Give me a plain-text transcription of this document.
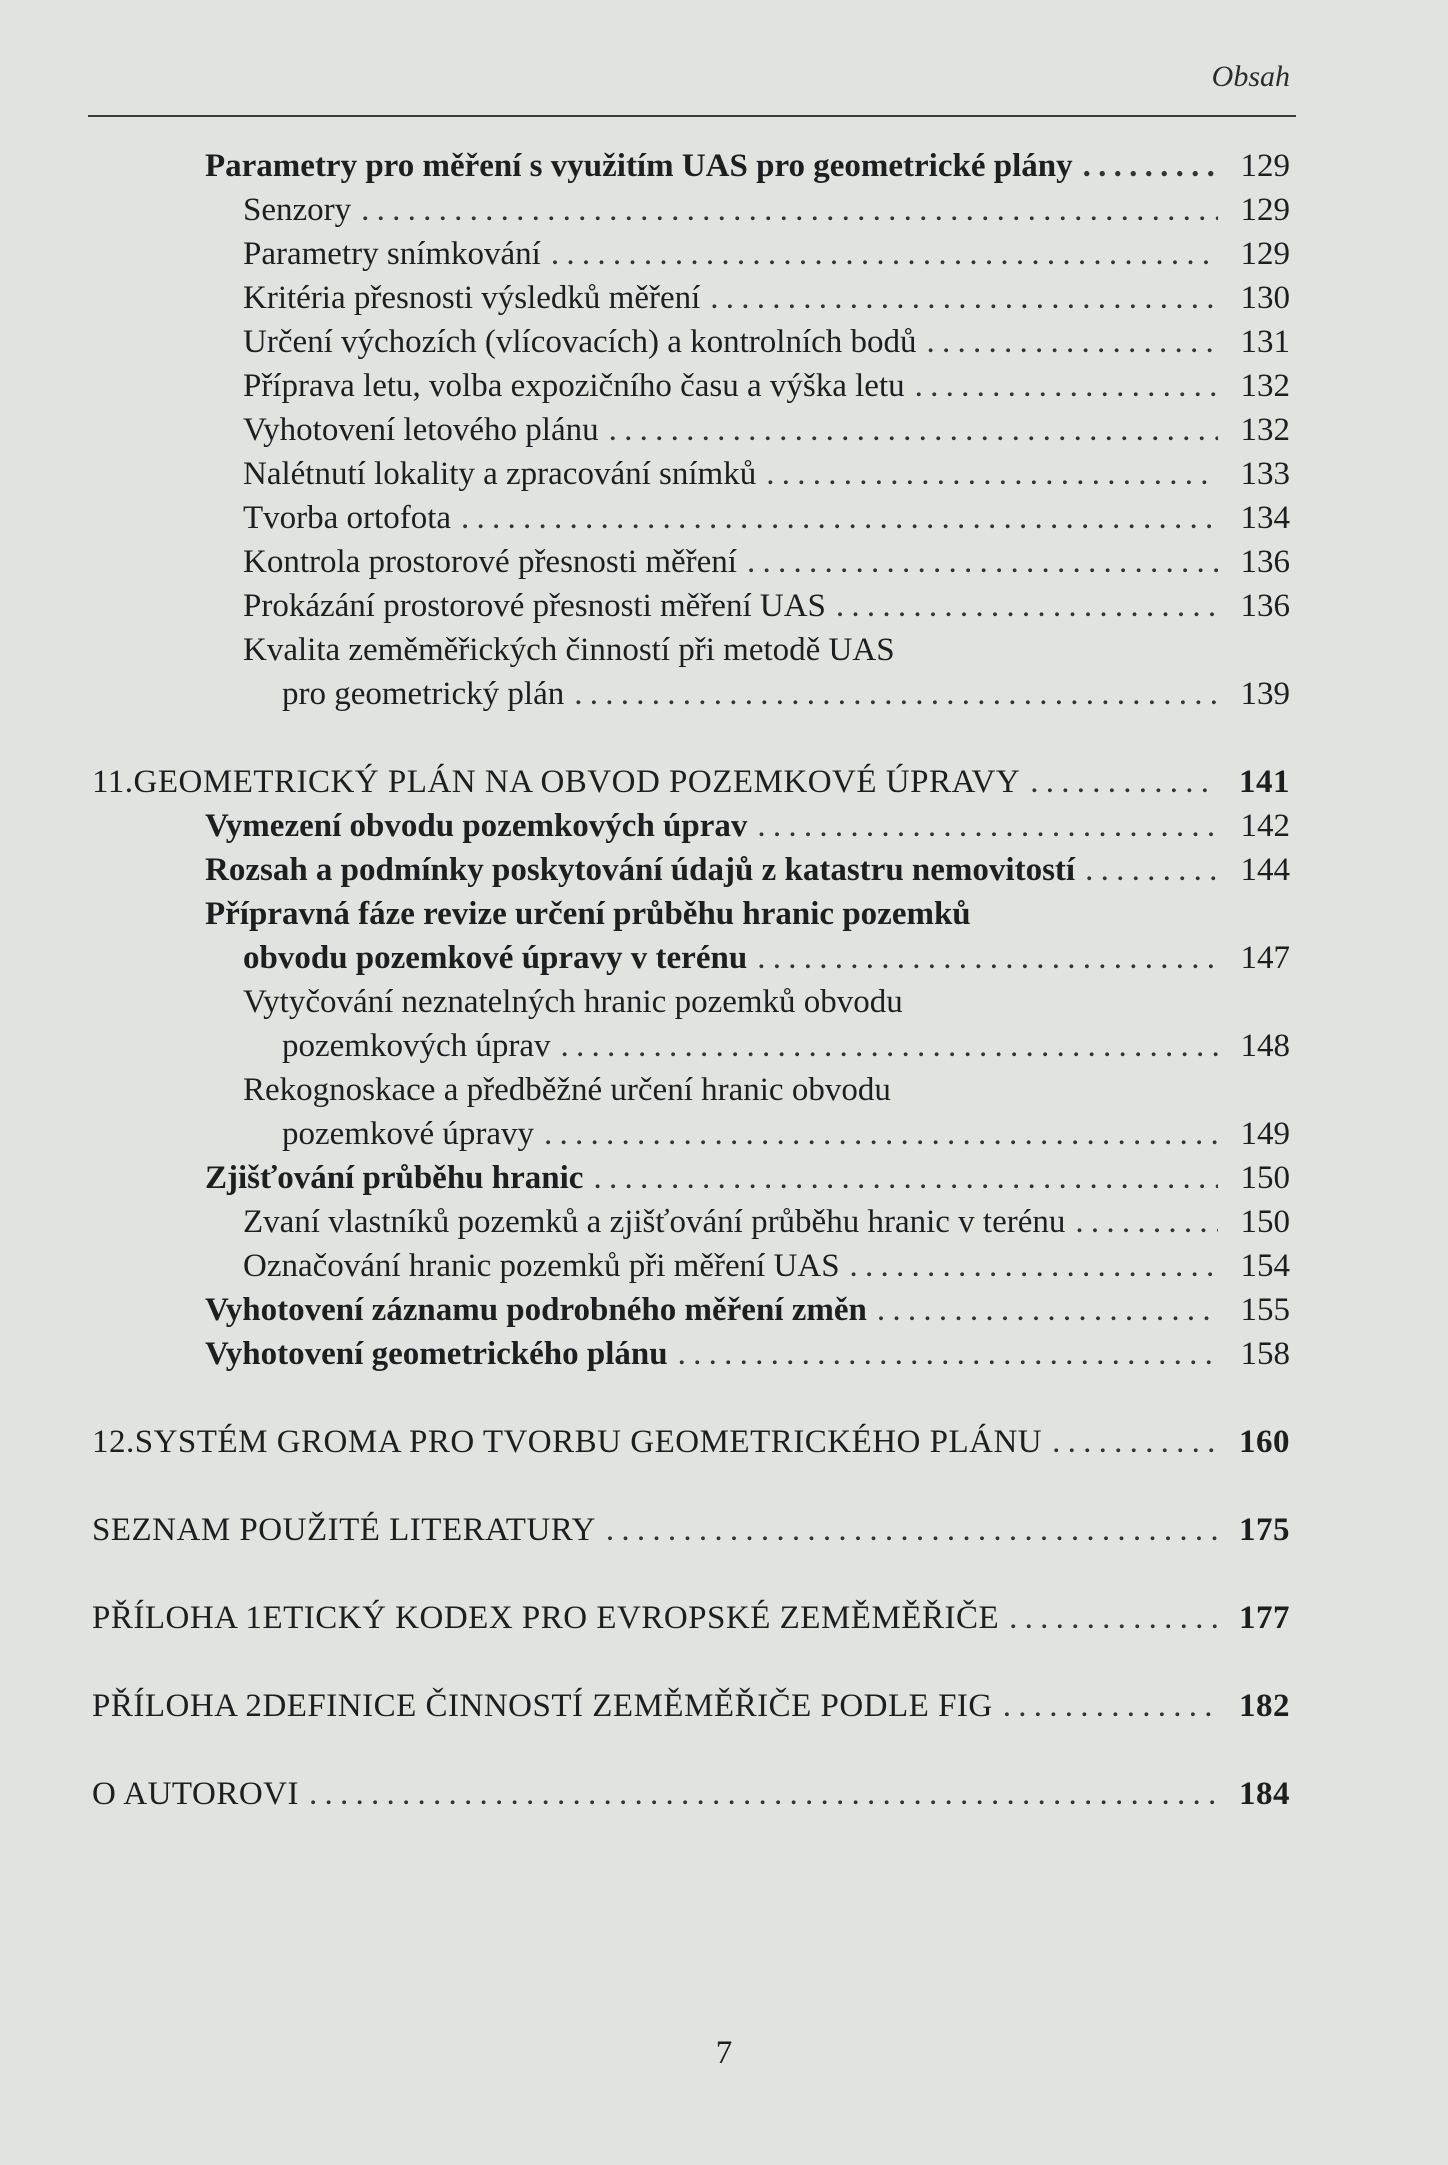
Obsah
Parametry pro měření s využitím UAS pro geometrické plány . . .	129
Senzory . . .	129
Parametry snímkování . . .	129
Kritéria přesnosti výsledků měření . . .	130
Určení výchozích (vlícovacích) a kontrolních bodů . . .	131
Příprava letu, volba expozičního času a výška letu . . .	132
Vyhotovení letového plánu . . .	132
Nalétnutí lokality a zpracování snímků . . .	133
Tvorba ortofota . . .	134
Kontrola prostorové přesnosti měření . . .	136
Prokázání prostorové přesnosti měření UAS . . .	136
Kvalita zeměměřických činností při metodě UAS
pro geometrický plán . . .	139
11. GEOMETRICKÝ PLÁN NA OBVOD POZEMKOVÉ ÚPRAVY . . .	141
Vymezení obvodu pozemkových úprav . . .	142
Rozsah a podmínky poskytování údajů z katastru nemovitostí . . .	144
Přípravná fáze revize určení průběhu hranic pozemků
obvodu pozemkové úpravy v terénu . . .	147
Vytyčování neznatelných hranic pozemků obvodu
pozemkových úprav . . .	148
Rekognoskace a předběžné určení hranic obvodu
pozemkové úpravy . . .	149
Zjišťování průběhu hranic . . .	150
Zvaní vlastníků pozemků a zjišťování průběhu hranic v terénu . . .	150
Označování hranic pozemků při měření UAS . . .	154
Vyhotovení záznamu podrobného měření změn . . .	155
Vyhotovení geometrického plánu . . .	158
12. SYSTÉM GROMA PRO TVORBU GEOMETRICKÉHO PLÁNU . . .	160
SEZNAM POUŽITÉ LITERATURY . . .	175
PŘÍLOHA 1 ETICKÝ KODEX PRO EVROPSKÉ ZEMĚMĚŘIČE . . .	177
PŘÍLOHA 2 DEFINICE ČINNOSTÍ ZEMĚMĚŘIČE PODLE FIG . . .	182
O AUTOROVI . . .	184
7
